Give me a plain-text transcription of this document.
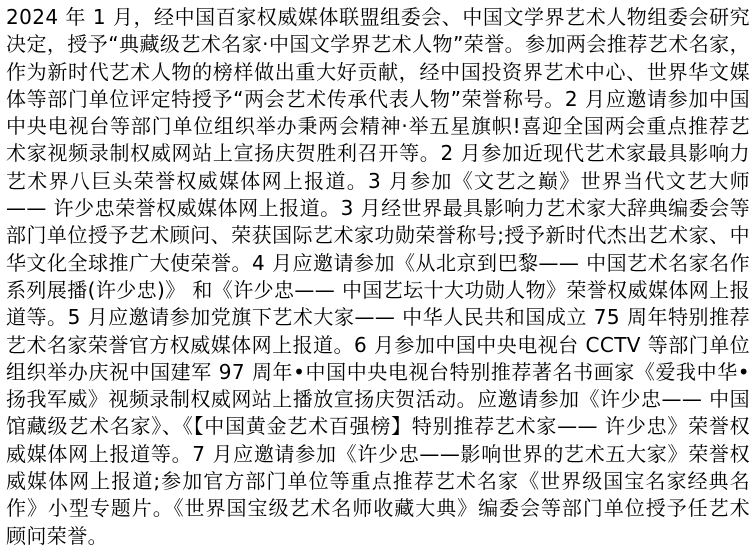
2024 年 1 月，经中国百家权威媒体联盟组委会、中国文学界艺术人物组委会研究决定，授予“典藏级艺术名家·中国文学界艺术人物”荣誉。参加两会推荐艺术名家，作为新时代艺术人物的榜样做出重大好贡献，经中国投资界艺术中心、世界华文媒体等部门单位评定特授予“两会艺术传承代表人物”荣誉称号。2 月应邀请参加中国中央电视台等部门单位组织举办秉两会精神·举五星旗帜!喜迎全国两会重点推荐艺术家视频录制权威网站上宣扬庆贺胜利召开等。2 月参加近现代艺术家最具影响力艺术界八巨头荣誉权威媒体网上报道。3 月参加《文艺之巅》世界当代文艺大师—— 许少忠荣誉权威媒体网上报道。3 月经世界最具影响力艺术家大辞典编委会等部门单位授予艺术顾问、荣获国际艺术家功勋荣誉称号;授予新时代杰出艺术家、中华文化全球推广大使荣誉。4 月应邀请参加《从北京到巴黎—— 中国艺术名家名作系列展播(许少忠)》 和《许少忠—— 中国艺坛十大功勋人物》荣誉权威媒体网上报道等。5 月应邀请参加党旗下艺术大家—— 中华人民共和国成立 75 周年特别推荐艺术名家荣誉官方权威媒体网上报道。6 月参加中国中央电视台 CCTV 等部门单位组织举办庆祝中国建军 97 周年•中国中央电视台特别推荐著名书画家《爱我中华•扬我军威》视频录制权威网站上播放宣扬庆贺活动。应邀请参加《许少忠—— 中国馆藏级艺术名家》、《【中国黄金艺术百强榜】特别推荐艺术家—— 许少忠》荣誉权威媒体网上报道等。7 月应邀请参加《许少忠——影响世界的艺术五大家》荣誉权威媒体网上报道;参加官方部门单位等重点推荐艺术名家《世界级国宝名家经典名作》小型专题片。《世界国宝级艺术名师收藏大典》编委会等部门单位授予任艺术顾问荣誉。
